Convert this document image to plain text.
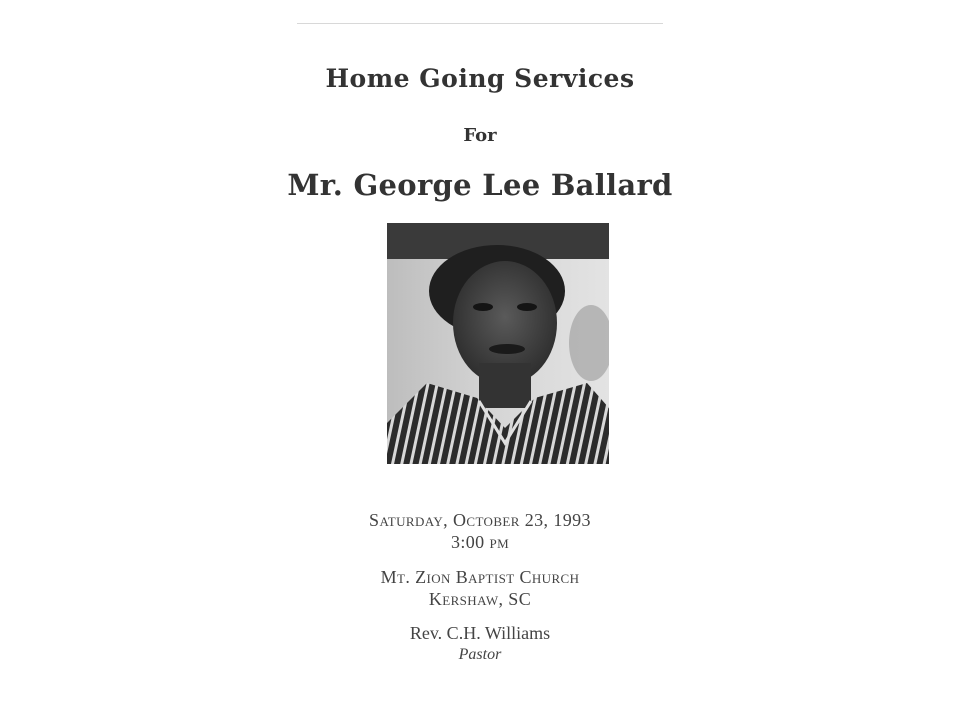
Home Going Services
For
Mr. George Lee Ballard
Saturday, October 23, 1993
3:00 pm
Mt. Zion Baptist Church
Kershaw, SC
Rev. C.H. Williams
Pastor
